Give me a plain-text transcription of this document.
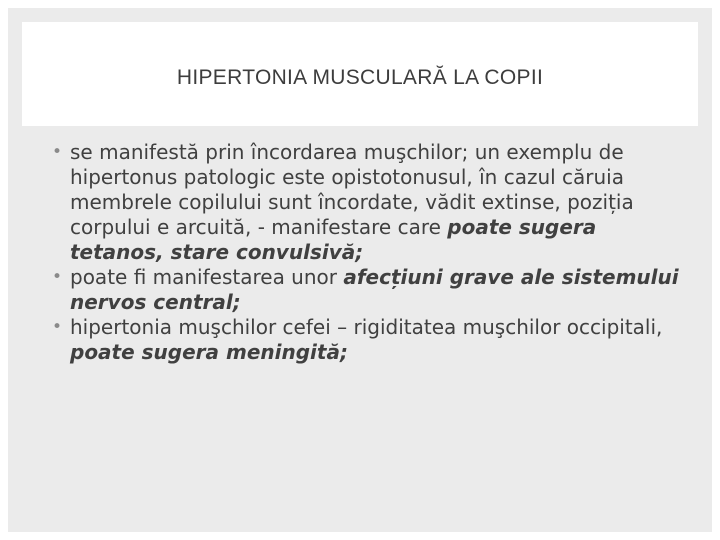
HIPERTONIA MUSCULARĂ LA COPII

• se manifestă prin încordarea muşchilor; un exemplu de hipertonus patologic este opistotonusul, în cazul căruia membrele copilului sunt încordate, vădit extinse, poziția corpului e arcuită, - manifestare care poate sugera tetanos, stare convulsivă;

• poate fi manifestarea unor afecțiuni grave ale sistemului nervos central;

• hipertonia muşchilor cefei – rigiditatea muşchilor occipitali, poate sugera meningită;
